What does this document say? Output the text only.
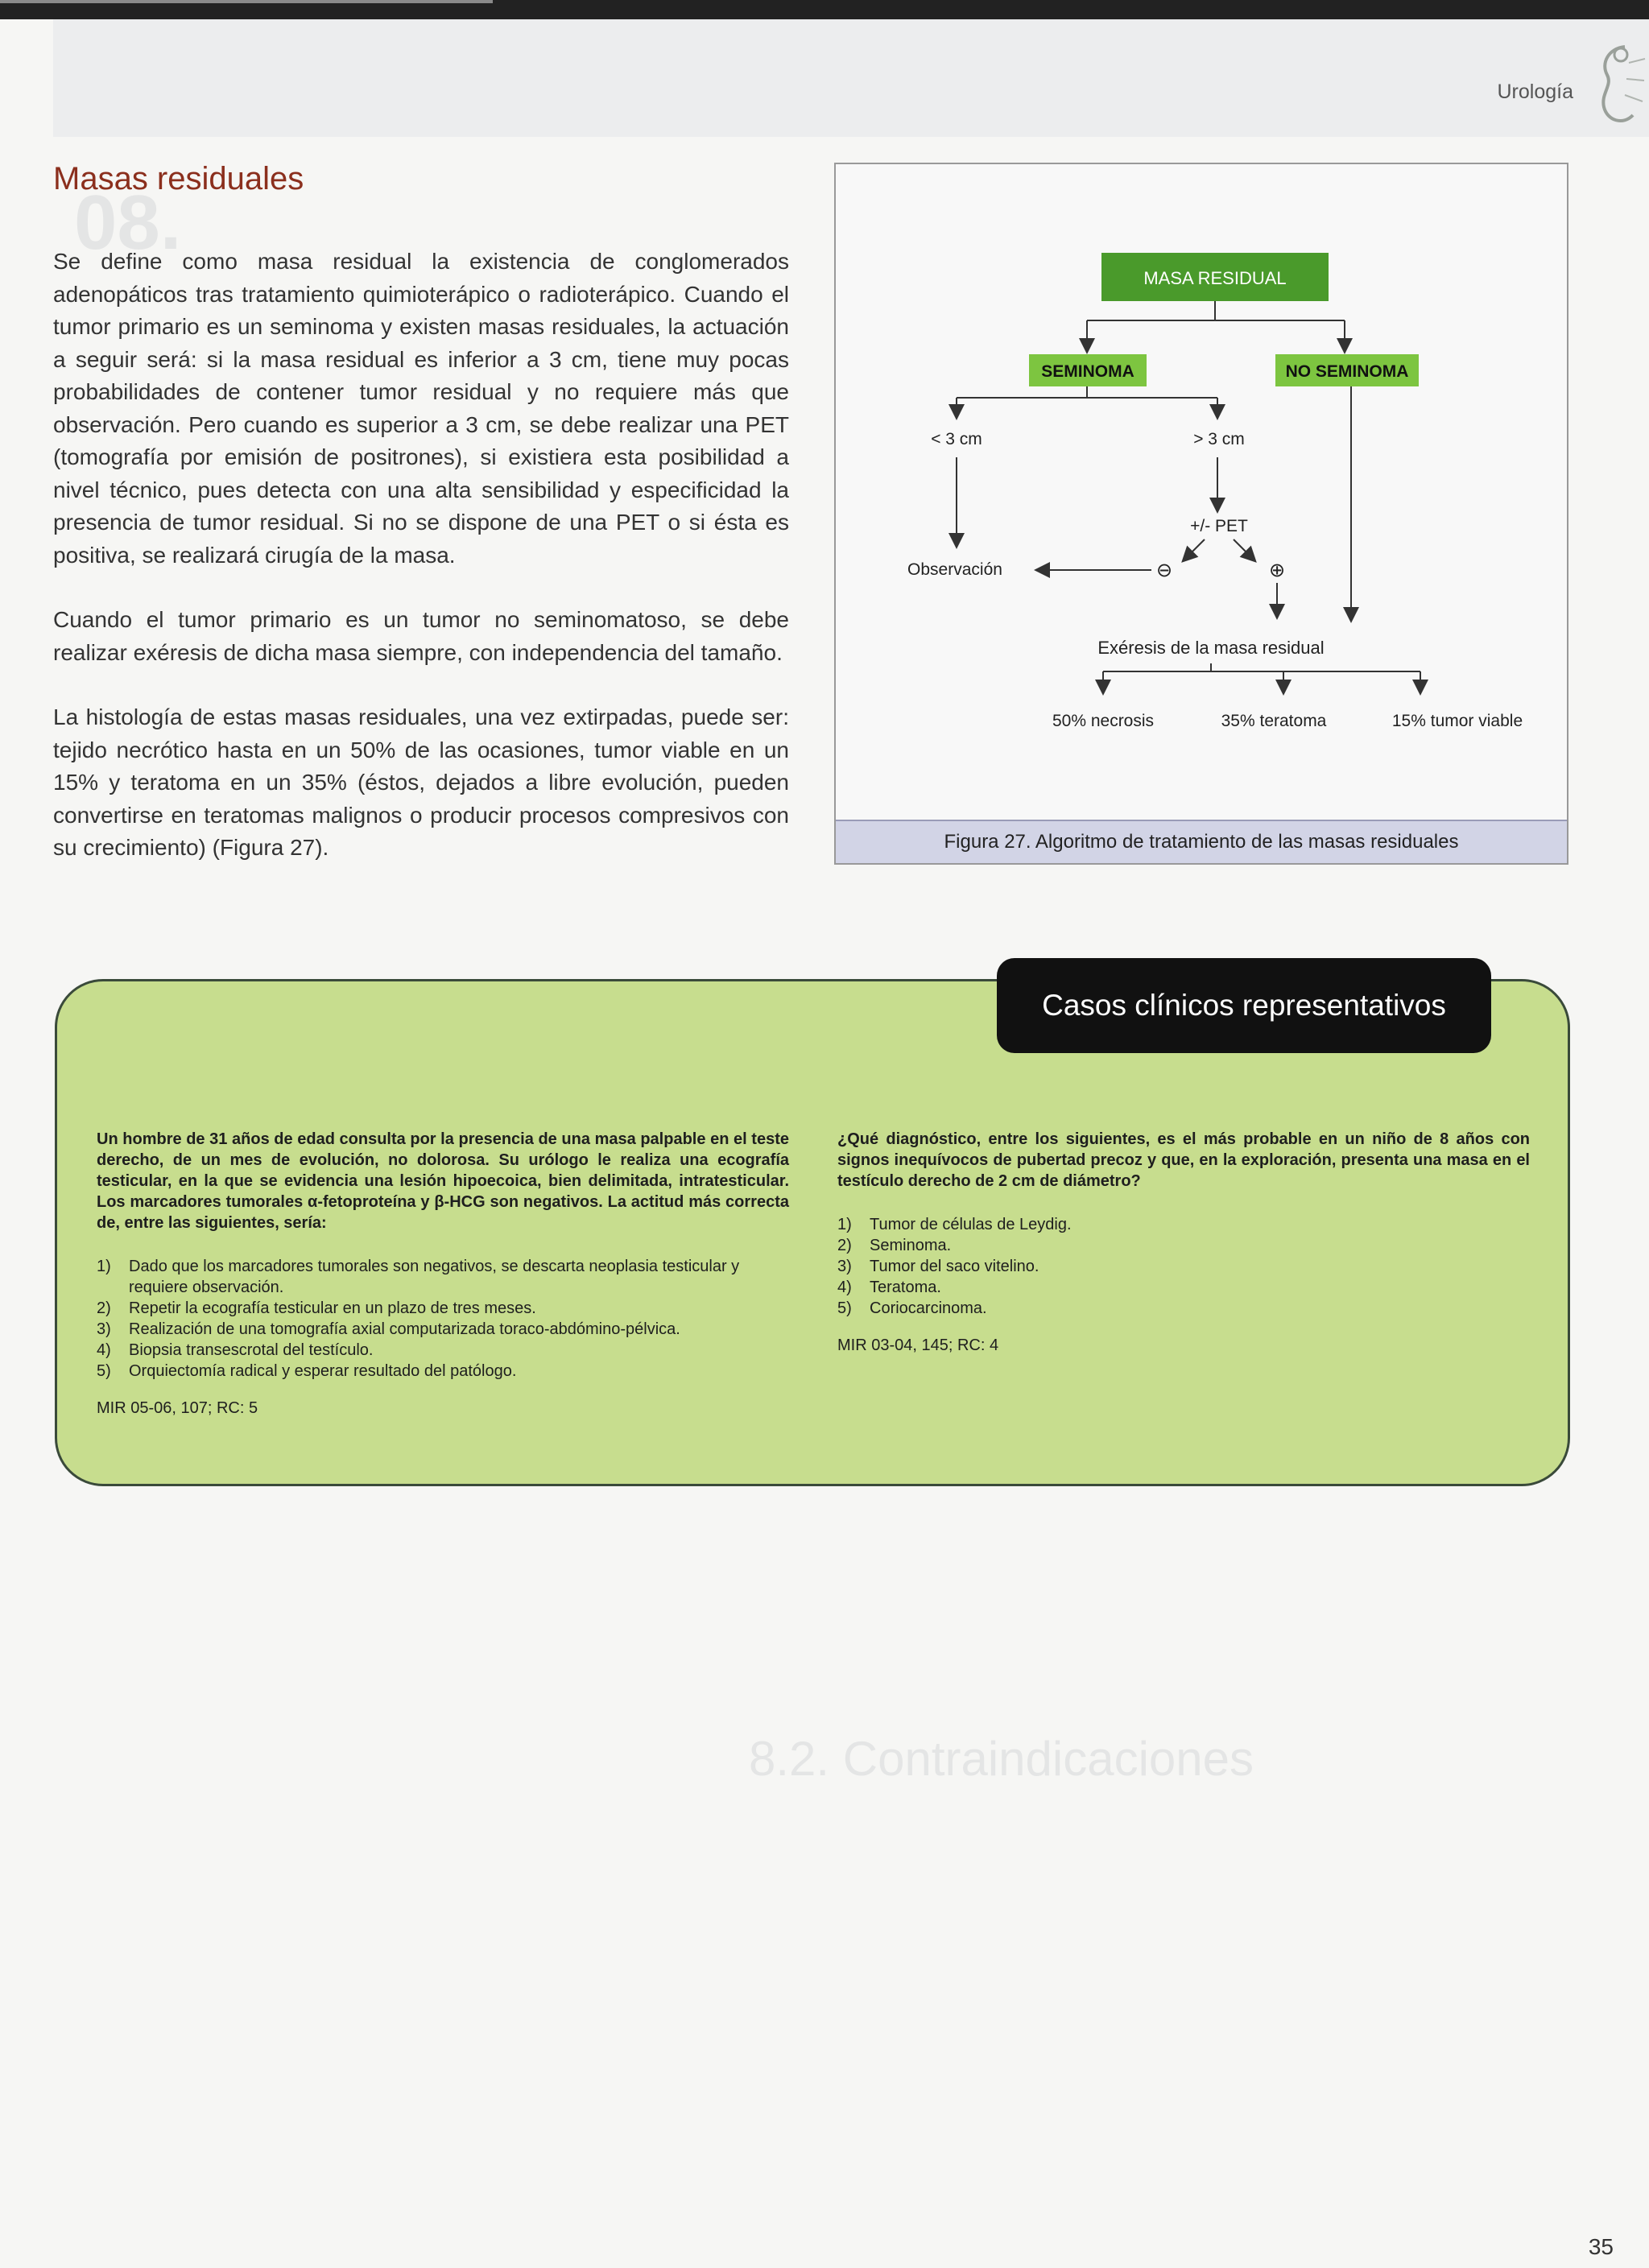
Urología
08.
8.2. Contraindicaciones
Masas residuales

Se define como masa residual la existencia de conglomerados adenopáticos tras tratamiento quimioterápico o radioterápico. Cuando el tumor primario es un seminoma y existen masas residuales, la actuación a seguir será: si la masa residual es inferior a 3 cm, tiene muy pocas probabilidades de contener tumor residual y no requiere más que observación. Pero cuando es superior a 3 cm, se debe realizar una PET (tomografía por emisión de positrones), si existiera esta posibilidad a nivel técnico, pues detecta con una alta sensibilidad y especificidad la presencia de tumor residual. Si no se dispone de una PET o si ésta es positiva, se realizará cirugía de la masa.

Cuando el tumor primario es un tumor no seminomatoso, se debe realizar exéresis de dicha masa siempre, con independencia del tamaño.

La histología de estas masas residuales, una vez extirpadas, puede ser: tejido necrótico hasta en un 50% de las ocasiones, tumor viable en un 15% y teratoma en un 35% (éstos, dejados a libre evolución, pueden convertirse en teratomas malignos o producir procesos compresivos con su crecimiento) (Figura 27).

MASA RESIDUAL
SEMINOMA	NO SEMINOMA
< 3 cm	> 3 cm
+/- PET
⊖	⊕
Observación
Exéresis de la masa residual
50% necrosis	35% teratoma	15% tumor viable
Figura 27. Algoritmo de tratamiento de las masas residuales
Casos clínicos representativos

Un hombre de 31 años de edad consulta por la presencia de una masa palpable en el teste derecho, de un mes de evolución, no dolorosa. Su urólogo le realiza una ecografía testicular, en la que se evidencia una lesión hipoecoica, bien delimitada, intratesticular. Los marcadores tumorales α-fetoproteína y β-HCG son negativos. La actitud más correcta de, entre las siguientes, sería:

1)	Dado que los marcadores tumorales son negativos, se descarta neoplasia testicular y requiere observación.
2)	Repetir la ecografía testicular en un plazo de tres meses.
3)	Realización de una tomografía axial computarizada toraco-abdómino-pélvica.
4)	Biopsia transescrotal del testículo.
5)	Orquiectomía radical y esperar resultado del patólogo.
MIR 05-06, 107; RC: 5

¿Qué diagnóstico, entre los siguientes, es el más probable en un niño de 8 años con signos inequívocos de pubertad precoz y que, en la exploración, presenta una masa en el testículo derecho de 2 cm de diámetro?

1)	Tumor de células de Leydig.
2)	Seminoma.
3)	Tumor del saco vitelino.
4)	Teratoma.
5)	Coriocarcinoma.
MIR 03-04, 145; RC: 4
35
